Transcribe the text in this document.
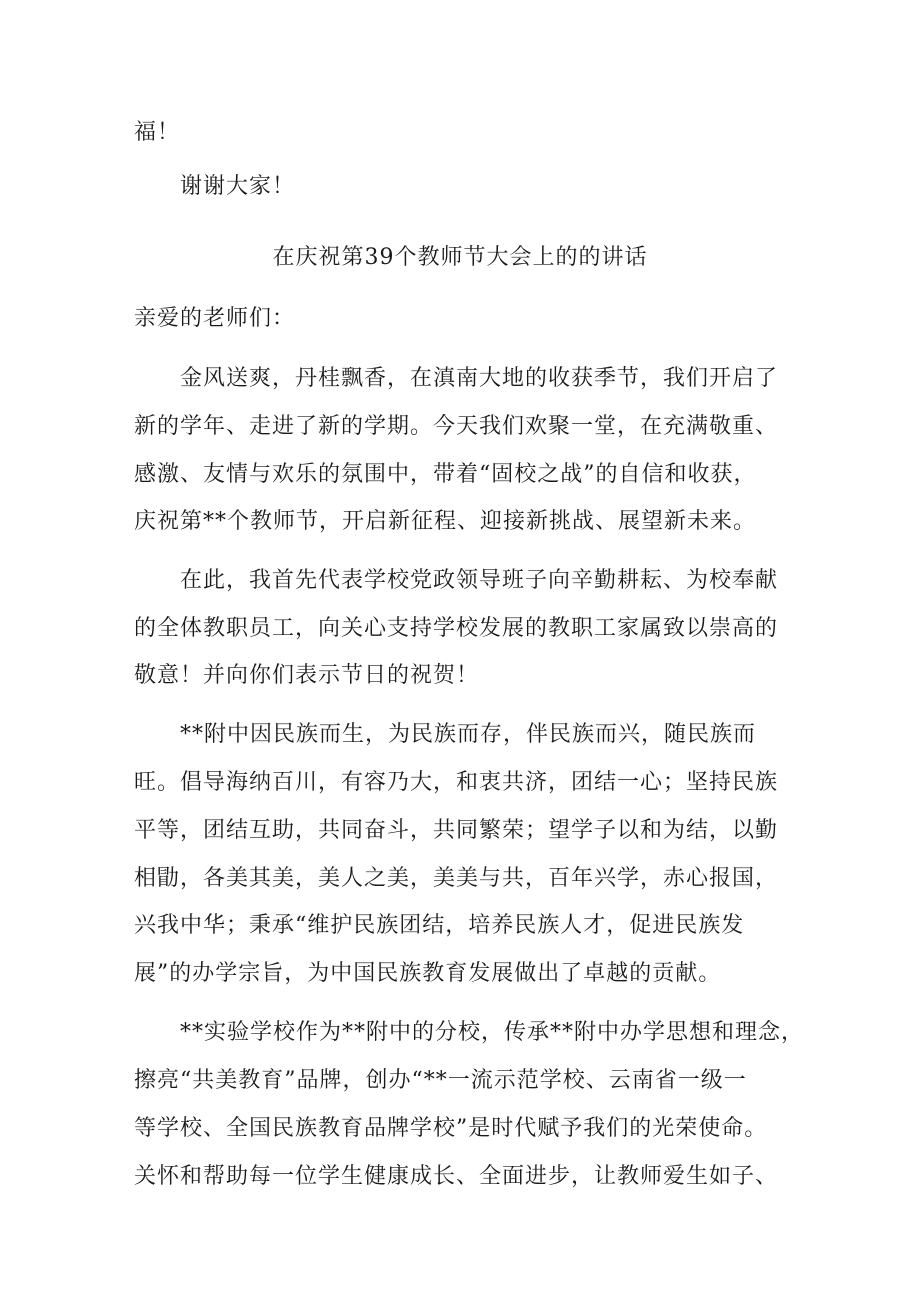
福！
谢谢大家！
在庆祝第39个教师节大会上的的讲话
亲爱的老师们：
金风送爽，丹桂飘香，在滇南大地的收获季节，我们开启了
新的学年、走进了新的学期。今天我们欢聚一堂，在充满敬重、
感激、友情与欢乐的氛围中，带着“固校之战”的自信和收获，
庆祝第**个教师节，开启新征程、迎接新挑战、展望新未来。
在此，我首先代表学校党政领导班子向辛勤耕耘、为校奉献
的全体教职员工，向关心支持学校发展的教职工家属致以崇高的
敬意！并向你们表示节日的祝贺！
**附中因民族而生，为民族而存，伴民族而兴，随民族而
旺。倡导海纳百川，有容乃大，和衷共济，团结一心；坚持民族
平等，团结互助，共同奋斗，共同繁荣；望学子以和为结，以勤
相勖，各美其美，美人之美，美美与共，百年兴学，赤心报国，
兴我中华；秉承“维护民族团结，培养民族人才，促进民族发
展”的办学宗旨，为中国民族教育发展做出了卓越的贡献。
**实验学校作为**附中的分校，传承**附中办学思想和理念，
擦亮“共美教育”品牌，创办“**一流示范学校、云南省一级一
等学校、全国民族教育品牌学校”是时代赋予我们的光荣使命。
关怀和帮助每一位学生健康成长、全面进步，让教师爱生如子、
